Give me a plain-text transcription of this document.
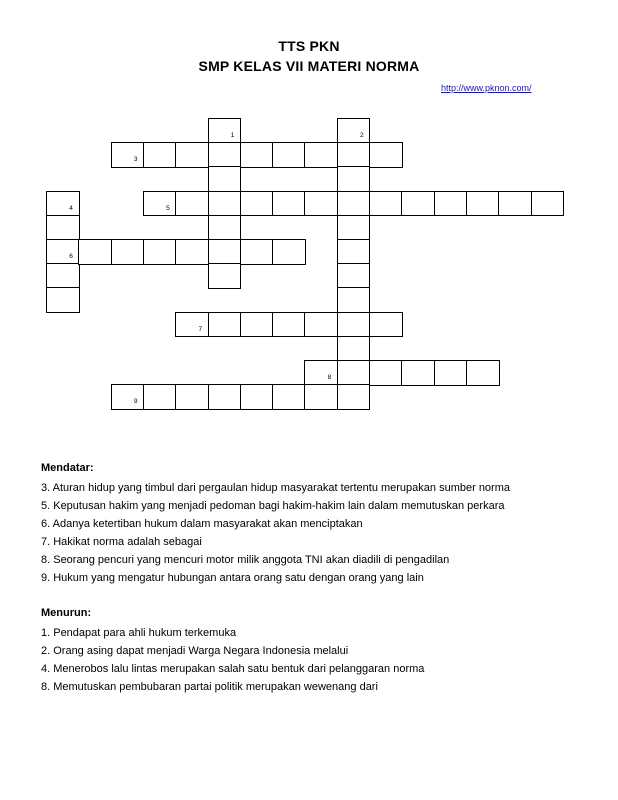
TTS PKN
SMP KELAS VII MATERI NORMA
http://www.pknon.com/
1	2
3
4	5
6
7
8
9
Mendatar:
3. Aturan hidup yang timbul dari pergaulan hidup masyarakat tertentu merupakan sumber norma
5. Keputusan hakim yang menjadi pedoman bagi hakim-hakim lain dalam memutuskan perkara
6. Adanya ketertiban hukum dalam masyarakat akan menciptakan
7. Hakikat norma adalah sebagai
8. Seorang pencuri yang mencuri motor milik anggota TNI akan diadili di pengadilan
9. Hukum yang mengatur hubungan antara orang satu dengan orang yang lain
Menurun:
1. Pendapat para ahli hukum terkemuka
2. Orang asing dapat menjadi Warga Negara Indonesia melalui
4. Menerobos lalu lintas merupakan salah satu bentuk dari pelanggaran norma
8. Memutuskan pembubaran partai politik merupakan wewenang dari
